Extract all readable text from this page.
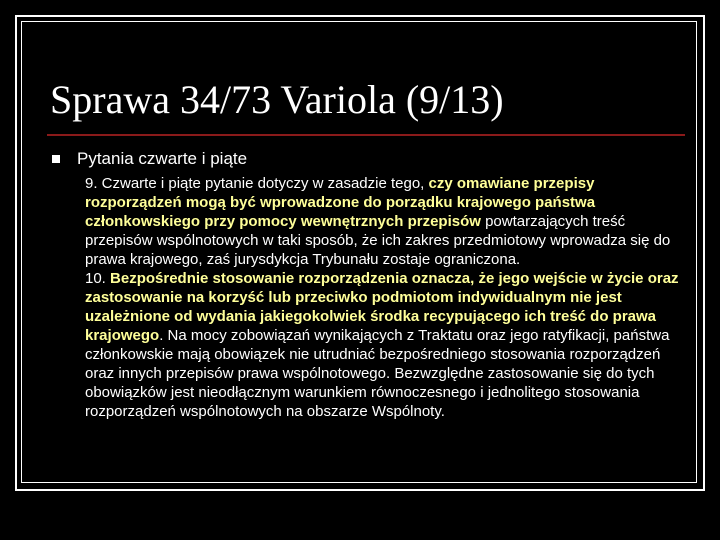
Sprawa 34/73 Variola (9/13)
Pytania czwarte i piąte

9. Czwarte i piąte pytanie dotyczy w zasadzie tego, czy omawiane przepisy rozporządzeń mogą być wprowadzone do porządku krajowego państwa członkowskiego przy pomocy wewnętrznych przepisów powtarzających treść przepisów wspólnotowych w taki sposób, że ich zakres przedmiotowy wprowadza się do prawa krajowego, zaś jurysdykcja Trybunału zostaje ograniczona.

10. Bezpośrednie stosowanie rozporządzenia oznacza, że jego wejście w życie oraz zastosowanie na korzyść lub przeciwko podmiotom indywidualnym nie jest uzależnione od wydania jakiegokolwiek środka recypującego ich treść do prawa krajowego. Na mocy zobowiązań wynikających z Traktatu oraz jego ratyfikacji, państwa członkowskie mają obowiązek nie utrudniać bezpośredniego stosowania rozporządzeń oraz innych przepisów prawa wspólnotowego. Bezwzględne zastosowanie się do tych obowiązków jest nieodłącznym warunkiem równoczesnego i jednolitego stosowania rozporządzeń wspólnotowych na obszarze Wspólnoty.
